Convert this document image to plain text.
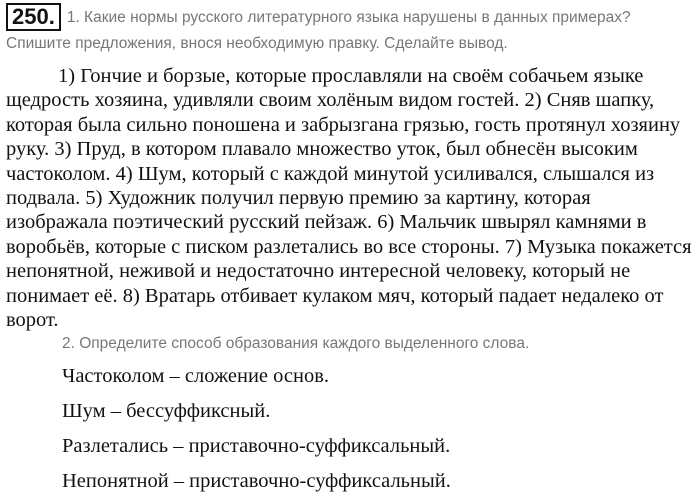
250. 1. Какие нормы русского литературного языка нарушены в данных примерах? Спишите предложения, внося необходимую правку. Сделайте вывод.
1) Гончие и борзые, которые прославляли на своём собачьем языке щедрость хозяина, удивляли своим холёным видом гостей. 2) Сняв шапку, которая была сильно поношена и забрызгана грязью, гость протянул хозяину руку. 3) Пруд, в котором плавало множество уток, был обнесён высоким частоколом. 4) Шум, который с каждой минутой усиливался, слышался из подвала. 5) Художник получил первую премию за картину, которая изображала поэтический русский пейзаж. 6) Мальчик швырял камнями в воробьёв, которые с писком разлетались во все стороны. 7) Музыка покажется непонятной, неживой и недостаточно интересной человеку, который не понимает её. 8) Вратарь отбивает кулаком мяч, который падает недалеко от ворот.
2. Определите способ образования каждого выделенного слова.
Частоколом – сложение основ.
Шум – бессуффиксный.
Разлетались – приставочно-суффиксальный.
Непонятной – приставочно-суффиксальный.
